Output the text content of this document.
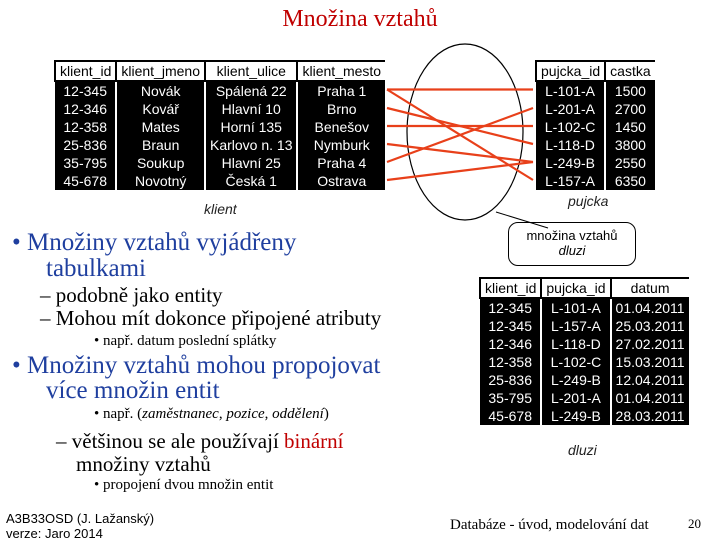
Množina vztahů
klient_id	klient_jmeno	klient_ulice	klient_mesto
12-345	Novák	Spálená 22	Praha 1
12-346	Kovář	Hlavní 10	Brno
12-358	Mates	Horní 135	Benešov
25-836	Braun	Karlovo n. 13	Nymburk
35-795	Soukup	Hlavní 25	Praha 4
45-678	Novotný	Česká 1	Ostrava
klient
pujcka_id	castka
L-101-A	1500
L-201-A	2700
L-102-C	1450
L-118-D	3800
L-249-B	2550
L-157-A	6350
pujcka
množina vztahů
dluzi
klient_id	pujcka_id	datum
12-345	L-101-A	01.04.2011
12-345	L-157-A	25.03.2011
12-346	L-118-D	27.02.2011
12-358	L-102-C	15.03.2011
25-836	L-249-B	12.04.2011
35-795	L-201-A	01.04.2011
45-678	L-249-B	28.03.2011
dluzi
• Množiny vztahů vyjádřeny
tabulkami
– podobně jako entity
– Mohou mít dokonce připojené atributy
• např. datum poslední splátky
• Množiny vztahů mohou propojovat
více množin entit
• např. (zaměstnanec, pozice, oddělení)
– většinou se ale používají binární
množiny vztahů
• propojení dvou množin entit
A3B33OSD (J. Lažanský)
verze: Jaro 2014
Databáze - úvod, modelování dat	20
